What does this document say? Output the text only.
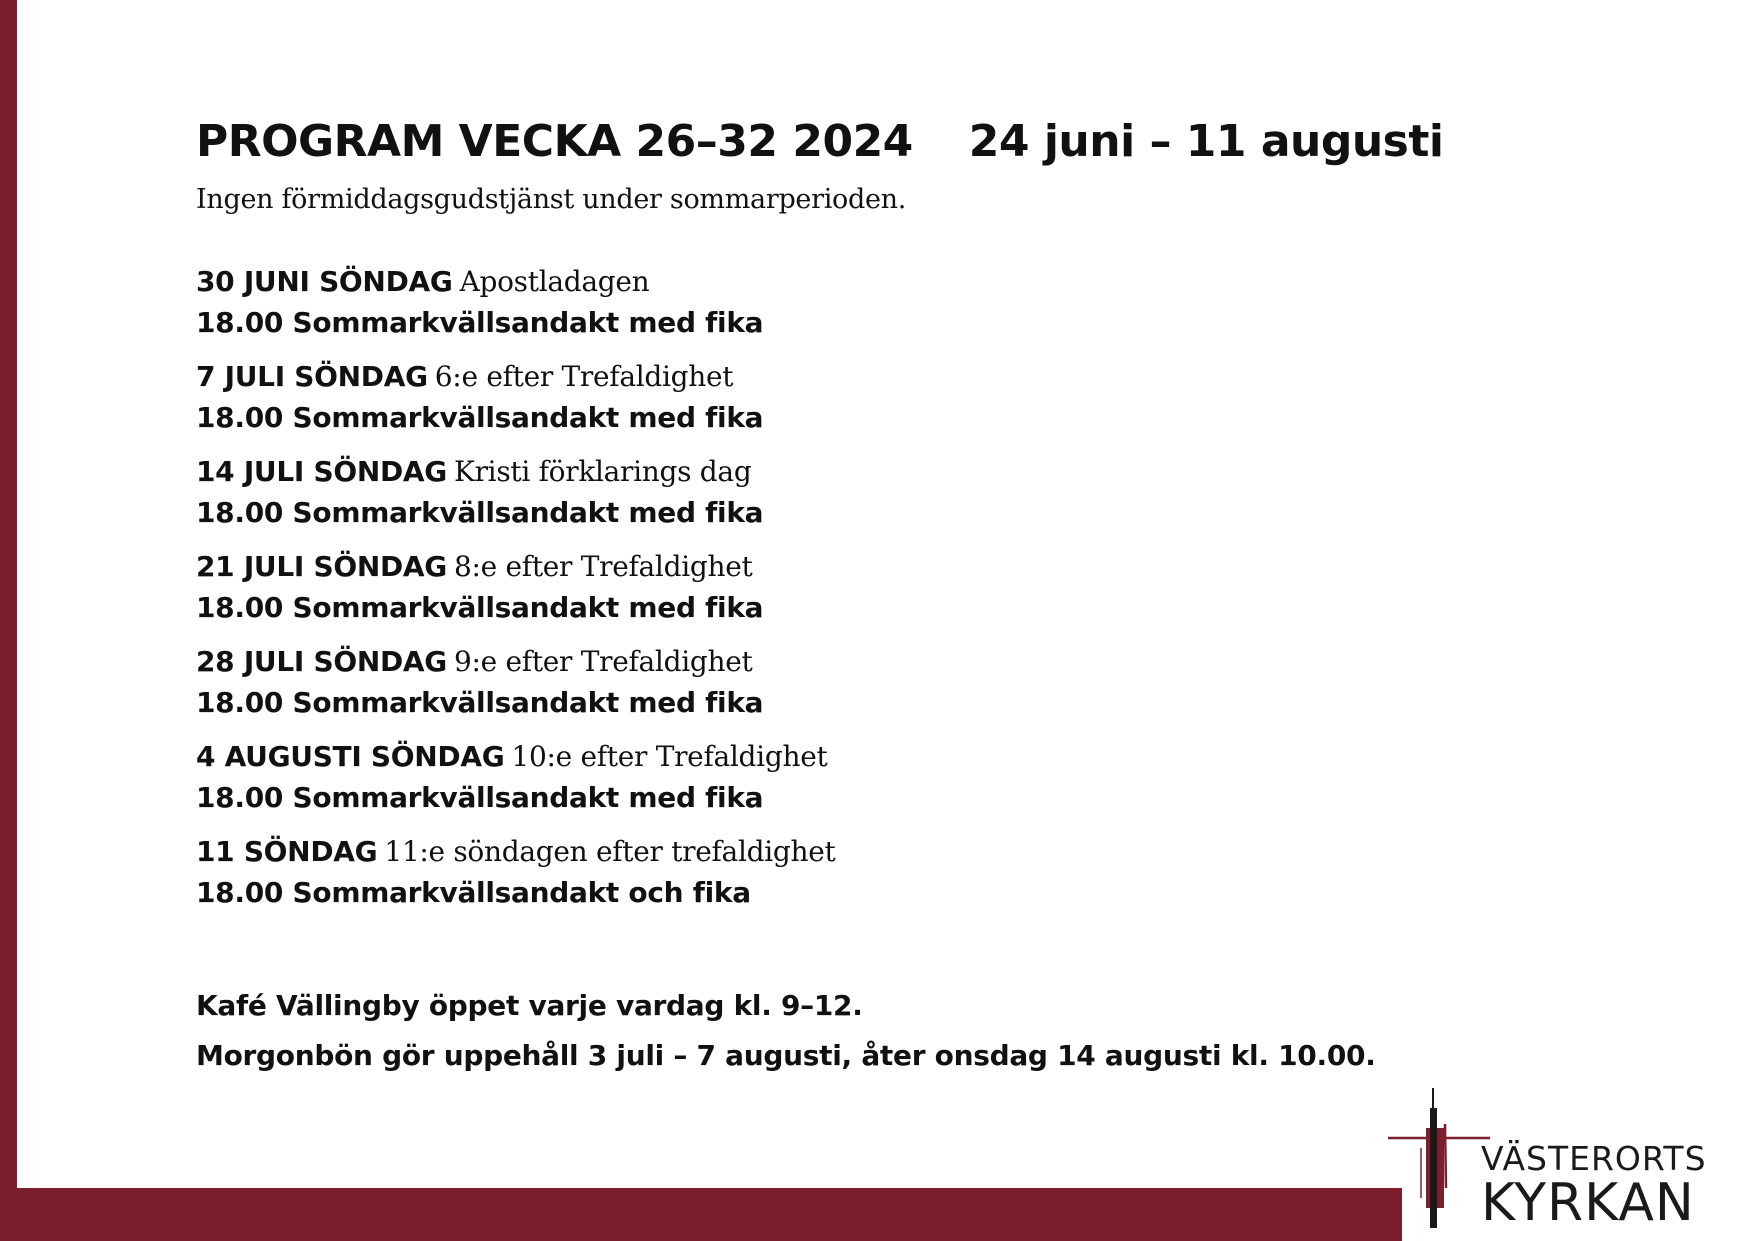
PROGRAM VECKA 26–32 2024 24 juni – 11 augusti
Ingen förmiddagsgudstjänst under sommarperioden.
30 JUNI SÖNDAG Apostladagen
18.00 Sommarkvällsandakt med fika
7 JULI SÖNDAG 6:e efter Trefaldighet
18.00 Sommarkvällsandakt med fika
14 JULI SÖNDAG Kristi förklarings dag
18.00 Sommarkvällsandakt med fika
21 JULI SÖNDAG 8:e efter Trefaldighet
18.00 Sommarkvällsandakt med fika
28 JULI SÖNDAG 9:e efter Trefaldighet
18.00 Sommarkvällsandakt med fika
4 AUGUSTI SÖNDAG 10:e efter Trefaldighet
18.00 Sommarkvällsandakt med fika
11 SÖNDAG 11:e söndagen efter trefaldighet
18.00 Sommarkvällsandakt och fika
Kafé Vällingby öppet varje vardag kl. 9–12.
Morgonbön gör uppehåll 3 juli – 7 augusti, åter onsdag 14 augusti kl. 10.00.
VÄSTERORTS
KYRKAN
